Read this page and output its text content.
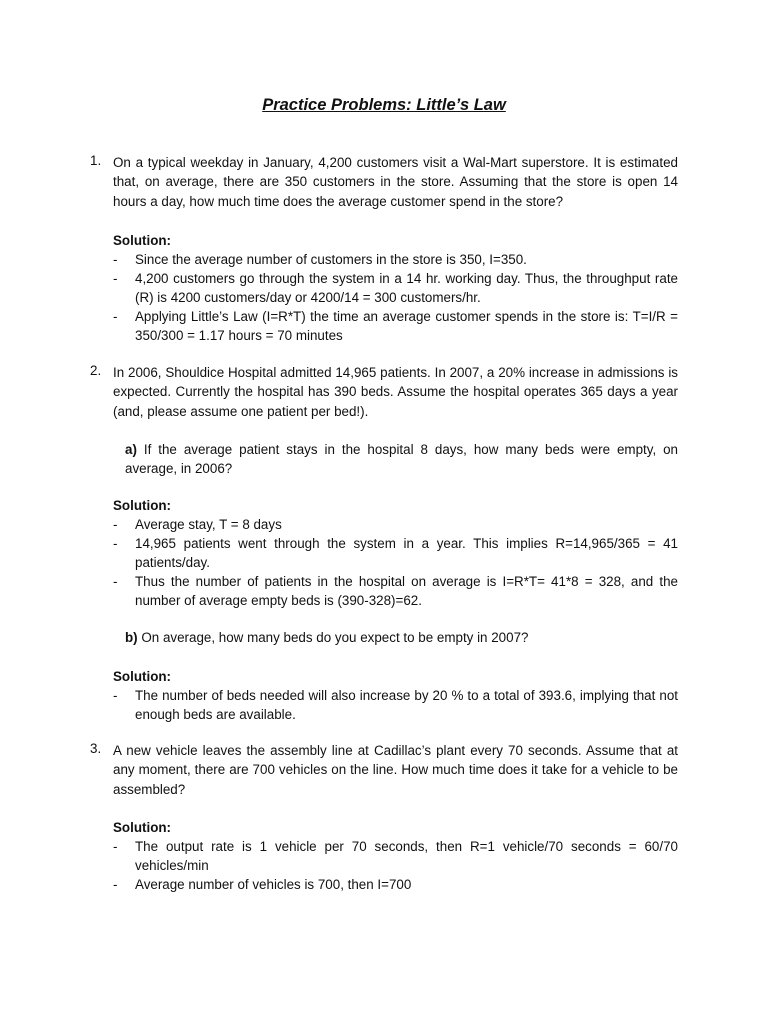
Practice Problems: Little’s Law
1. On a typical weekday in January, 4,200 customers visit a Wal-Mart superstore. It is estimated that, on average, there are 350 customers in the store. Assuming that the store is open 14 hours a day, how much time does the average customer spend in the store?
Solution:
- Since the average number of customers in the store is 350, I=350.
- 4,200 customers go through the system in a 14 hr. working day. Thus, the throughput rate (R) is 4200 customers/day or 4200/14 = 300 customers/hr.
- Applying Little’s Law (I=R*T) the time an average customer spends in the store is: T=I/R = 350/300 = 1.17 hours = 70 minutes
2. In 2006, Shouldice Hospital admitted 14,965 patients. In 2007, a 20% increase in admissions is expected. Currently the hospital has 390 beds. Assume the hospital operates 365 days a year (and, please assume one patient per bed!).
a) If the average patient stays in the hospital 8 days, how many beds were empty, on average, in 2006?
Solution:
- Average stay, T = 8 days
- 14,965 patients went through the system in a year. This implies R=14,965/365 = 41 patients/day.
- Thus the number of patients in the hospital on average is I=R*T= 41*8 = 328, and the number of average empty beds is (390-328)=62.
b) On average, how many beds do you expect to be empty in 2007?
Solution:
- The number of beds needed will also increase by 20 % to a total of 393.6, implying that not enough beds are available.
3. A new vehicle leaves the assembly line at Cadillac’s plant every 70 seconds. Assume that at any moment, there are 700 vehicles on the line. How much time does it take for a vehicle to be assembled?
Solution:
- The output rate is 1 vehicle per 70 seconds, then R=1 vehicle/70 seconds = 60/70 vehicles/min
- Average number of vehicles is 700, then I=700
